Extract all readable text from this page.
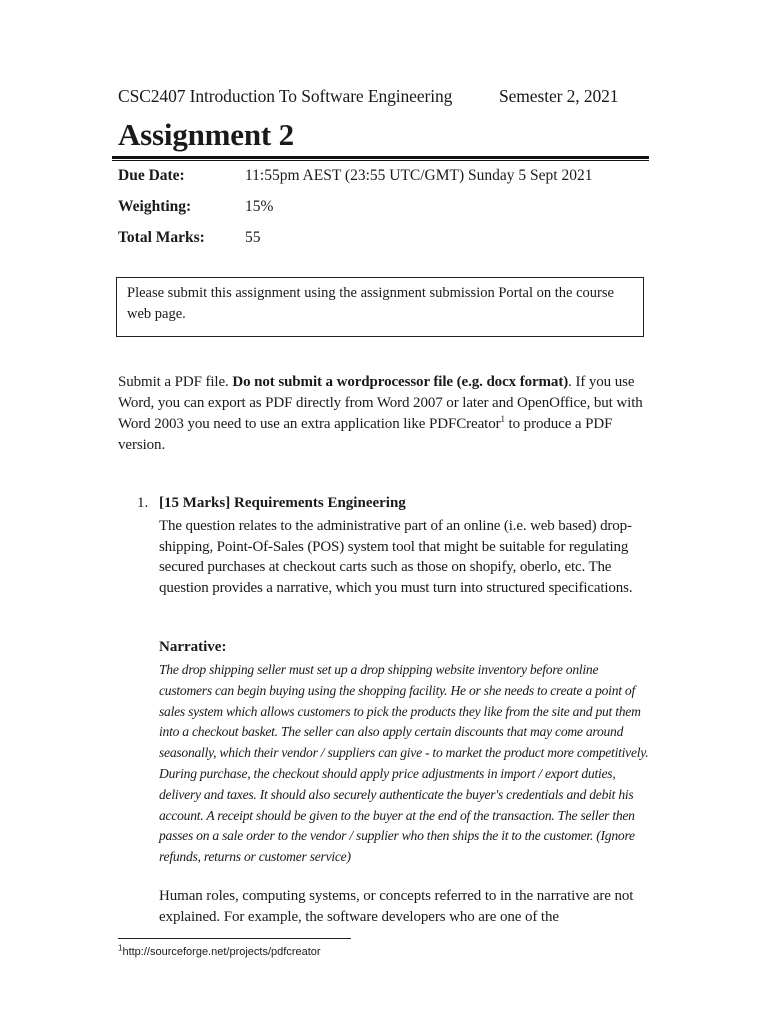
CSC2407 Introduction To Software Engineering	Semester 2, 2021
Assignment 2
Due Date:	11:55pm AEST (23:55 UTC/GMT) Sunday 5 Sept 2021
Weighting:	15%
Total Marks:	55
Please submit this assignment using the assignment submission Portal on the course web page.
Submit a PDF file. Do not submit a wordprocessor file (e.g. docx format). If you use Word, you can export as PDF directly from Word 2007 or later and OpenOffice, but with Word 2003 you need to use an extra application like PDFCreator$^1$ to produce a PDF version.
1. [15 Marks] Requirements Engineering
The question relates to the administrative part of an online (i.e. web based) drop-shipping, Point-Of-Sales (POS) system tool that might be suitable for regulating secured purchases at checkout carts such as those on shopify, oberlo, etc. The question provides a narrative, which you must turn into structured specifications.
Narrative:
The drop shipping seller must set up a drop shipping website inventory before online customers can begin buying using the shopping facility. He or she needs to create a point of sales system which allows customers to pick the products they like from the site and put them into a checkout basket. The seller can also apply certain discounts that may come around seasonally, which their vendor / suppliers can give - to market the product more competitively. During purchase, the checkout should apply price adjustments in import / export duties, delivery and taxes. It should also securely authenticate the buyer's credentials and debit his account. A receipt should be given to the buyer at the end of the transaction. The seller then passes on a sale order to the vendor / supplier who then ships the it to the customer. (Ignore refunds, returns or customer service)
Human roles, computing systems, or concepts referred to in the narrative are not explained. For example, the software developers who are one of the
$^1$http://sourceforge.net/projects/pdfcreator
